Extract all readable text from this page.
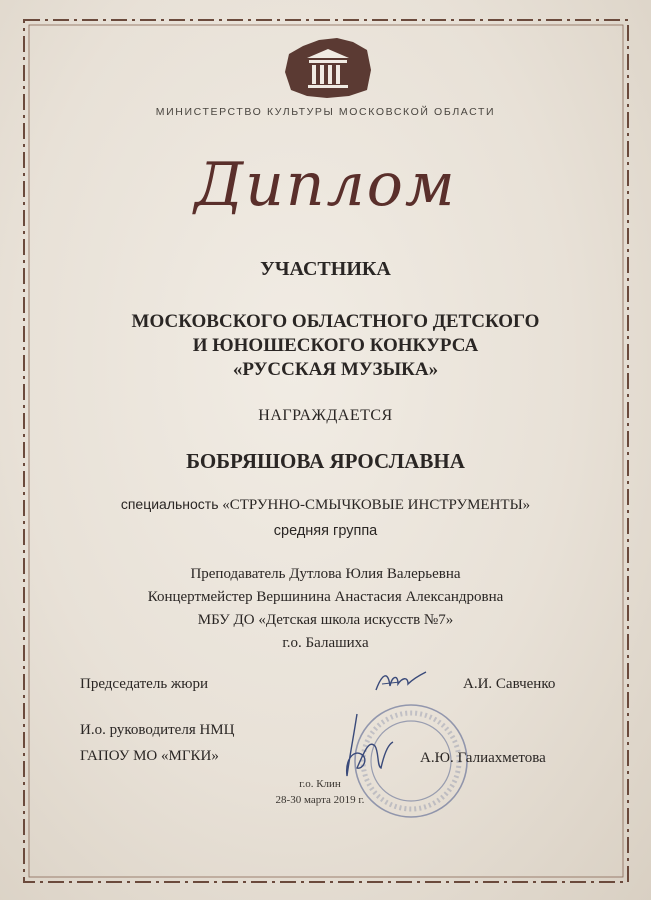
МИНИСТЕРСТВО КУЛЬТУРЫ МОСКОВСКОЙ ОБЛАСТИ
Диплом
УЧАСТНИКА
МОСКОВСКОГО ОБЛАСТНОГО ДЕТСКОГО
И ЮНОШЕСКОГО КОНКУРСА
«РУССКАЯ МУЗЫКА»
НАГРАЖДАЕТСЯ
БОБРЯШОВА ЯРОСЛАВНА
специальность «СТРУННО-СМЫЧКОВЫЕ ИНСТРУМЕНТЫ»
средняя группа
Преподаватель Дутлова Юлия Валерьевна
Концертмейстер Вершинина Анастасия Александровна
МБУ ДО «Детская школа искусств №7»
г.о. Балашиха
Председатель жюри	А.И. Савченко
И.о. руководителя НМЦ
ГАПОУ МО «МГКИ»	А.Ю. Галиахметова
г.о. Клин
28-30 марта 2019 г.
